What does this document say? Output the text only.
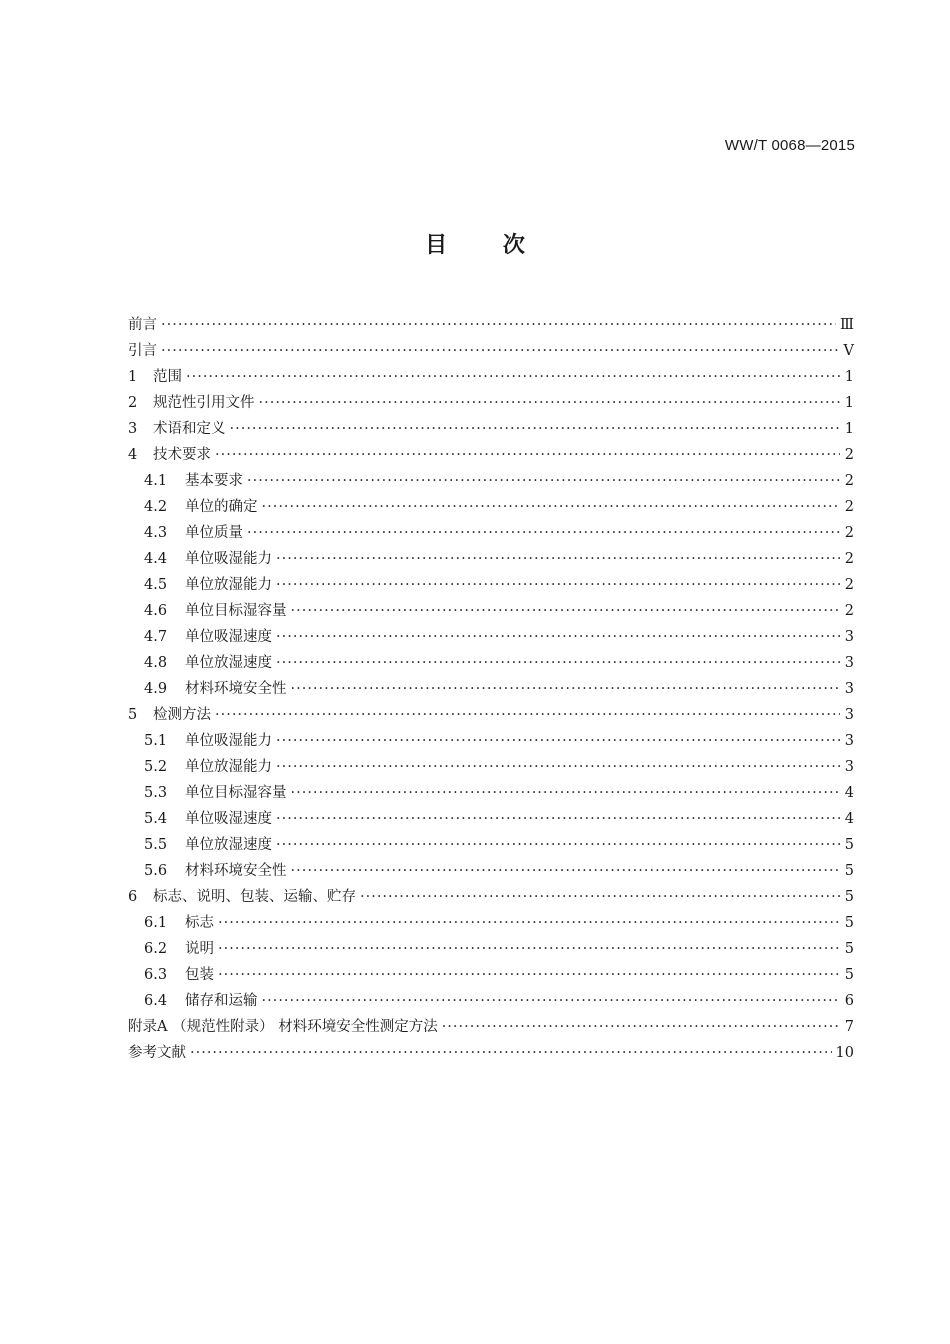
WW/T 0068—2015
目	次
前言 ·····	Ⅲ
引言 ·····	Ⅴ
1	范围 ·····	1
2	规范性引用文件 ·····	1
3	术语和定义 ·····	1
4	技术要求 ·····	2
4.1	基本要求 ·····	2
4.2	单位的确定 ·····	2
4.3	单位质量 ·····	2
4.4	单位吸湿能力 ·····	2
4.5	单位放湿能力 ·····	2
4.6	单位目标湿容量 ·····	2
4.7	单位吸湿速度 ·····	3
4.8	单位放湿速度 ·····	3
4.9	材料环境安全性 ·····	3
5	检测方法 ·····	3
5.1	单位吸湿能力 ·····	3
5.2	单位放湿能力 ·····	3
5.3	单位目标湿容量 ·····	4
5.4	单位吸湿速度 ·····	4
5.5	单位放湿速度 ·····	5
5.6	材料环境安全性 ·····	5
6	标志、说明、包装、运输、贮存 ·····	5
6.1	标志 ·····	5
6.2	说明 ·····	5
6.3	包装 ·····	5
6.4	储存和运输 ·····	6
附录A （规范性附录） 材料环境安全性测定方法 ·····	7
参考文献 ·····	10
